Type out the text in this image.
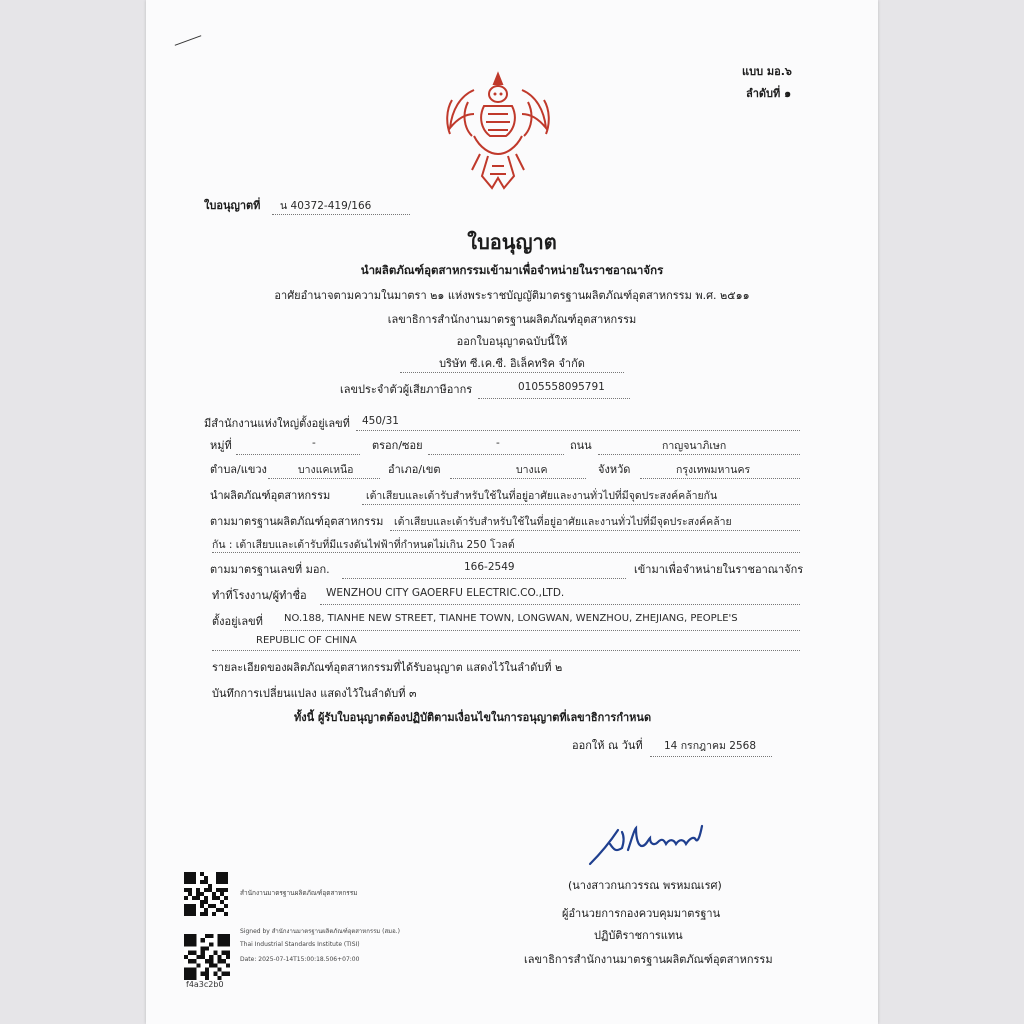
แบบ มอ.๖
ลำดับที่ ๑
ใบอนุญาตที่ น 40372-419/166
ใบอนุญาต
นำผลิตภัณฑ์อุตสาหกรรมเข้ามาเพื่อจำหน่ายในราชอาณาจักร
อาศัยอำนาจตามความในมาตรา ๒๑ แห่งพระราชบัญญัติมาตรฐานผลิตภัณฑ์อุตสาหกรรม พ.ศ. ๒๕๑๑
เลขาธิการสำนักงานมาตรฐานผลิตภัณฑ์อุตสาหกรรม
ออกใบอนุญาตฉบับนี้ให้
บริษัท ซี.เค.ซี. อิเล็คทริค จำกัด
เลขประจำตัวผู้เสียภาษีอากร	0105558095791
มีสำนักงานแห่งใหญ่ตั้งอยู่เลขที่ 450/31
หมู่ที่	-	ตรอก/ซอย	-	ถนน	กาญจนาภิเษก
ตำบล/แขวง	บางแคเหนือ	อำเภอ/เขต	บางแค	จังหวัด	กรุงเทพมหานคร
นำผลิตภัณฑ์อุตสาหกรรม	เต้าเสียบและเต้ารับสำหรับใช้ในที่อยู่อาศัยและงานทั่วไปที่มีจุดประสงค์คล้ายกัน
ตามมาตรฐานผลิตภัณฑ์อุตสาหกรรม เต้าเสียบและเต้ารับสำหรับใช้ในที่อยู่อาศัยและงานทั่วไปที่มีจุดประสงค์คล้าย
กัน : เต้าเสียบและเต้ารับที่มีแรงดันไฟฟ้าที่กำหนดไม่เกิน 250 โวลต์
ตามมาตรฐานเลขที่ มอก.	166-2549	เข้ามาเพื่อจำหน่ายในราชอาณาจักร
ทำที่โรงงาน/ผู้ทำชื่อ WENZHOU CITY GAOERFU ELECTRIC.CO.,LTD.
ตั้งอยู่เลขที่ NO.188, TIANHE NEW STREET, TIANHE TOWN, LONGWAN, WENZHOU, ZHEJIANG, PEOPLE'S
REPUBLIC OF CHINA
รายละเอียดของผลิตภัณฑ์อุตสาหกรรมที่ได้รับอนุญาต แสดงไว้ในลำดับที่ ๒
บันทึกการเปลี่ยนแปลง แสดงไว้ในลำดับที่ ๓
ทั้งนี้ ผู้รับใบอนุญาตต้องปฏิบัติตามเงื่อนไขในการอนุญาตที่เลขาธิการกำหนด
ออกให้ ณ วันที่ 14 กรกฎาคม 2568
(นางสาวกนกวรรณ พรหมณเรศ)
ผู้อำนวยการกองควบคุมมาตรฐาน
ปฏิบัติราชการแทน
เลขาธิการสำนักงานมาตรฐานผลิตภัณฑ์อุตสาหกรรม
สำนักงานมาตรฐานผลิตภัณฑ์อุตสาหกรรม
Signed by สำนักงานมาตรฐานผลิตภัณฑ์อุตสาหกรรม (สมอ.)
Thai Industrial Standards Institute (TISI)
Date: 2025-07-14T15:00:18.506+07:00
f4a3c2b0
